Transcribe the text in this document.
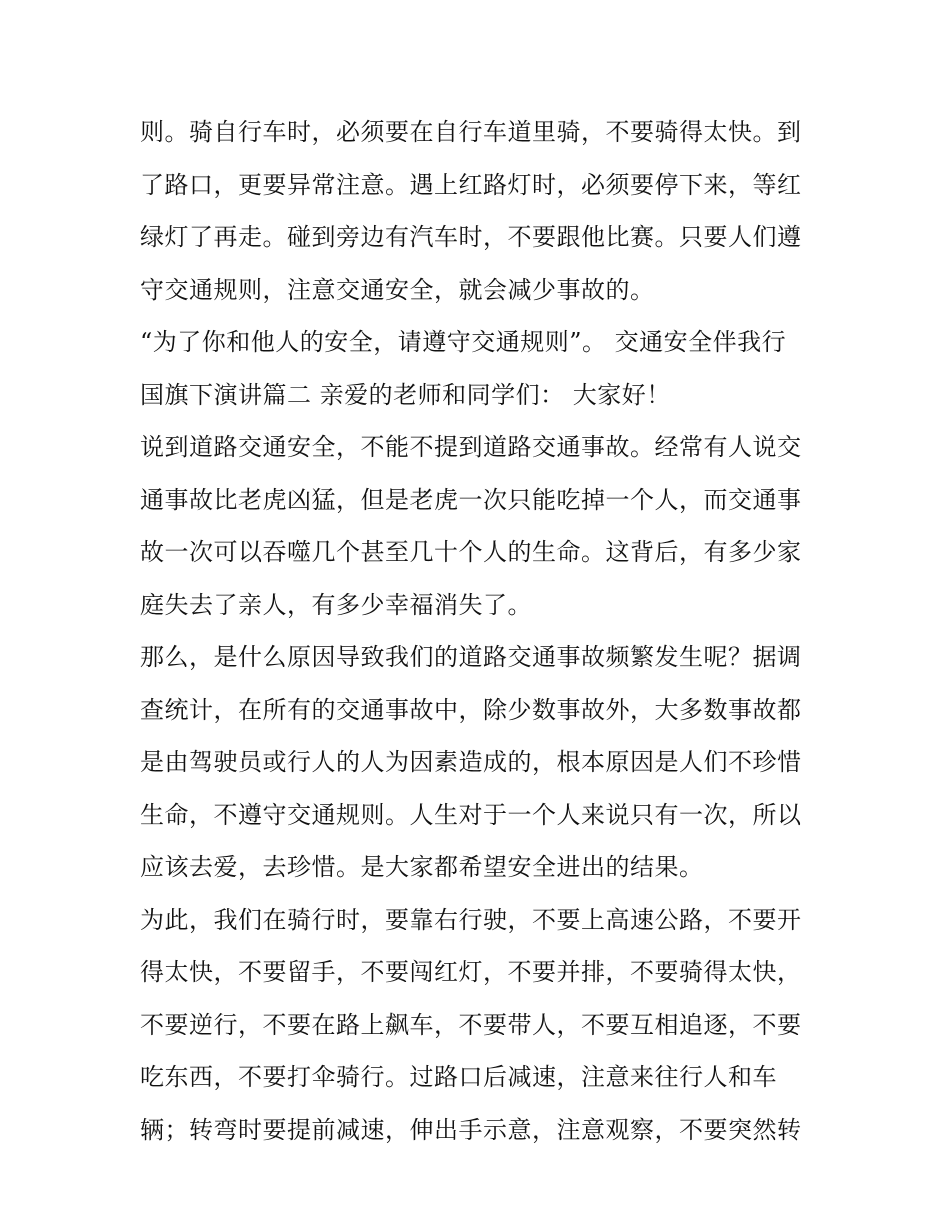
则。骑自行车时，必须要在自行车道里骑，不要骑得太快。到
了路口，更要异常注意。遇上红路灯时，必须要停下来，等红
绿灯了再走。碰到旁边有汽车时，不要跟他比赛。只要人们遵
守交通规则，注意交通安全，就会减少事故的。
“为了你和他人的安全，请遵守交通规则”。 交通安全伴我行
国旗下演讲篇二 亲爱的老师和同学们： 大家好！
说到道路交通安全，不能不提到道路交通事故。经常有人说交
通事故比老虎凶猛，但是老虎一次只能吃掉一个人，而交通事
故一次可以吞噬几个甚至几十个人的生命。这背后，有多少家
庭失去了亲人，有多少幸福消失了。
那么，是什么原因导致我们的道路交通事故频繁发生呢？据调
查统计，在所有的交通事故中，除少数事故外，大多数事故都
是由驾驶员或行人的人为因素造成的，根本原因是人们不珍惜
生命，不遵守交通规则。人生对于一个人来说只有一次，所以
应该去爱，去珍惜。是大家都希望安全进出的结果。
为此，我们在骑行时，要靠右行驶，不要上高速公路，不要开
得太快，不要留手，不要闯红灯，不要并排，不要骑得太快，
不要逆行，不要在路上飙车，不要带人，不要互相追逐，不要
吃东西，不要打伞骑行。过路口后减速，注意来往行人和车
辆；转弯时要提前减速，伸出手示意，注意观察，不要突然转
